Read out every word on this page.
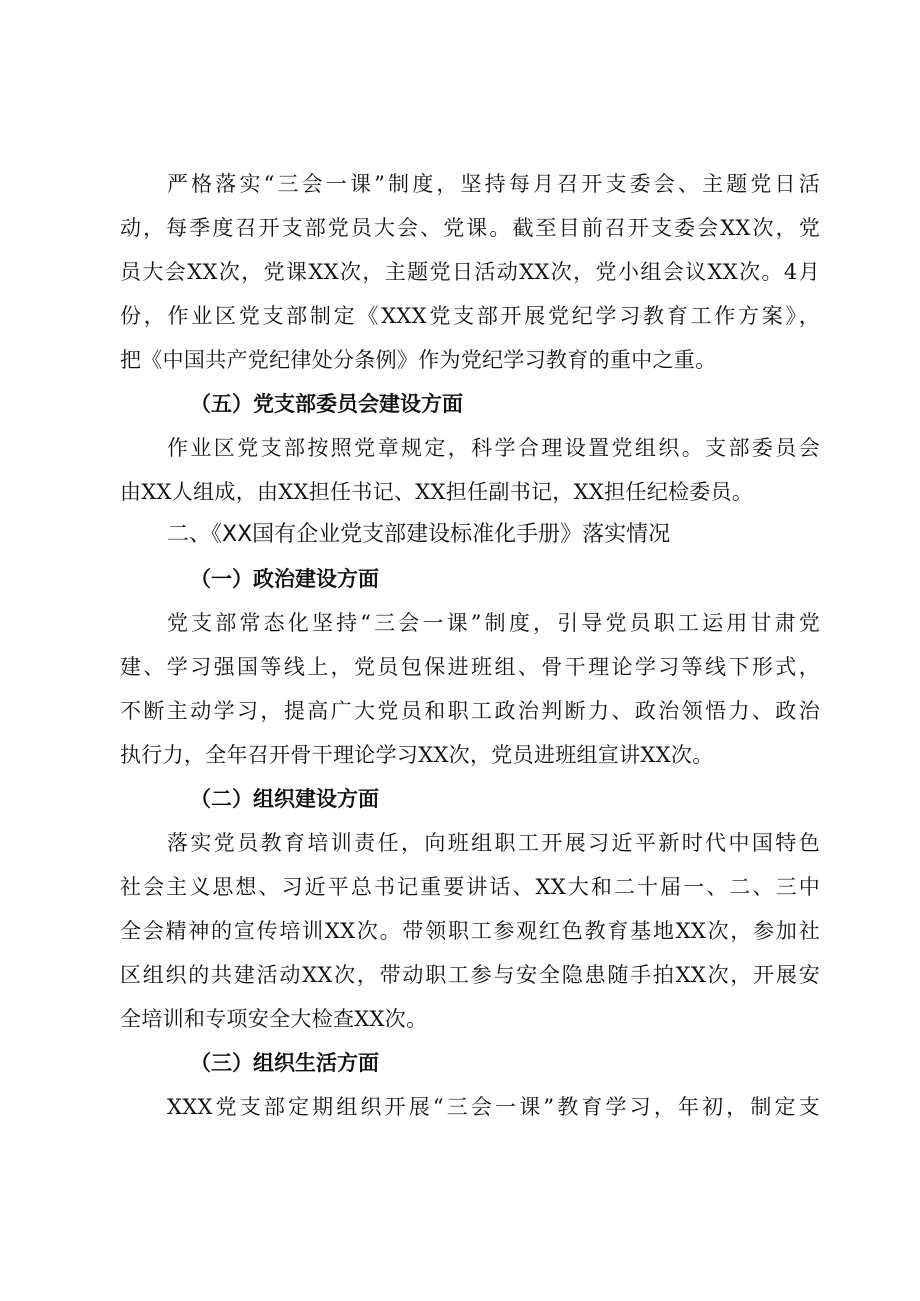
严格落实“三会一课”制度，坚持每月召开支委会、主题党日活
动，每季度召开支部党员大会、党课。截至目前召开支委会XX次，党
员大会XX次，党课XX次，主题党日活动XX次，党小组会议XX次。4月
份，作业区党支部制定《XXX党支部开展党纪学习教育工作方案》，
把《中国共产党纪律处分条例》作为党纪学习教育的重中之重。
（五）党支部委员会建设方面
作业区党支部按照党章规定，科学合理设置党组织。支部委员会
由XX人组成，由XX担任书记、XX担任副书记，XX担任纪检委员。
二、《XX国有企业党支部建设标准化手册》落实情况
（一）政治建设方面
党支部常态化坚持“三会一课”制度，引导党员职工运用甘肃党
建、学习强国等线上，党员包保进班组、骨干理论学习等线下形式，
不断主动学习，提高广大党员和职工政治判断力、政治领悟力、政治
执行力，全年召开骨干理论学习XX次，党员进班组宣讲XX次。
（二）组织建设方面
落实党员教育培训责任，向班组职工开展习近平新时代中国特色
社会主义思想、习近平总书记重要讲话、XX大和二十届一、二、三中
全会精神的宣传培训XX次。带领职工参观红色教育基地XX次，参加社
区组织的共建活动XX次，带动职工参与安全隐患随手拍XX次，开展安
全培训和专项安全大检查XX次。
（三）组织生活方面
XXX党支部定期组织开展“三会一课”教育学习，年初，制定支
